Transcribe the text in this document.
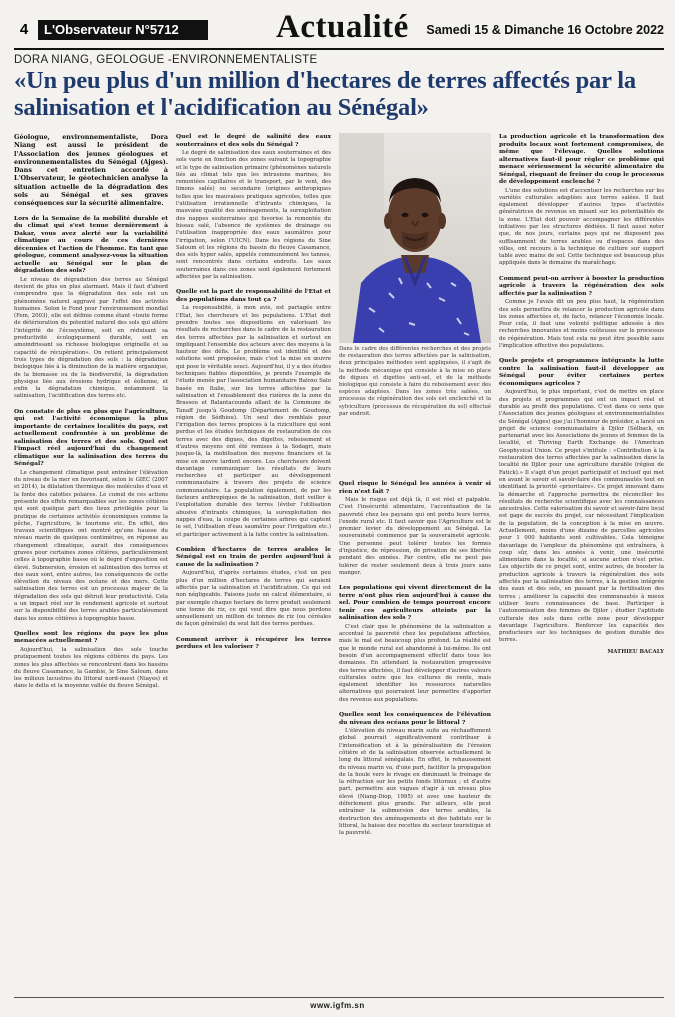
4	L'Observateur N°5712	Actualité Samedi 15 & Dimanche 16 Octobre 2022
DORA NIANG, GEOLOGUE -ENVIRONNEMENTALISTE
«Un peu plus d'un million d'hectares de terres affectés par la salinisation et l'acidification au Sénégal»

Géologue, environnementaliste, Dora Niang est aussi le président de l'Association des jeunes géologues et environnementalistes du Sénégal (Ajges). Dans cet entretien accordé à L'Observateur, le géotechnicien analyse la situation actuelle de la dégradation des sols au Sénégal et ses graves conséquences sur la sécurité alimentaire.

Lors de la Semaine de la mobilité durable et du climat qui s'est tenue dernièrement à Dakar, vous avez alerté sur la variabilité climatique au cours de ces dernières décennies et l'action de l'homme. En tant que géologue, comment analysez-vous la situation actuelle au Sénégal sur le plan de dégradation des sols?

Le niveau de dégradation des terres au Sénégal devient de plus en plus alarmant. Mais il faut d'abord comprendre que la dégradation des sols est un phénomène naturel aggravé par l'effet des activités humaines. Selon le Fond pour l'environnement mondial (Fem, 2003), elle est définie comme étant «toute forme de détérioration du potentiel naturel des sols qui altère l'intégrité de l'écosystème, soit en réduisant sa productivité écologiquement durable, soit en amoindrissant sa richesse biologique originelle et sa capacité de récupération». On retient principalement trois types de dégradation des sols : la dégradation biologique liée à la diminution de la matière organique, de la biomasse ou de la biodiversité, la dégradation physique liée aux érosions hydrique et éolienne, et enfin la dégradation chimique, notamment la salinisation, l'acidification des terres etc.

On constate de plus en plus que l'agriculture, qui est l'activité économique la plus importante de certaines localités du pays, est actuellement confrontée à un problème de salinisation des terres et des sols. Quel est l'impact réel aujourd'hui du changement climatique sur la salinisation des terres du Sénégal?

Le changement climatique peut entraîner l'élévation du niveau de la mer en favorisant, selon le GIEC (2007 et 2014), la dilatation thermique des molécules d'eau et la fonte des calottes polaires. Le cumul de ces actions présente des effets remarquables sur les zones côtières qui sont quelque part des lieux privilégiés pour la pratique de certaines activités économiques comme la pêche, l'agriculture, le tourisme etc. En effet, des travaux scientifiques ont montré qu'une hausse du niveau marin de quelques centimètres, en réponse au changement climatique, aurait des conséquences graves pour certaines zones côtières, particulièrement celles à topographie basse où le degré d'exposition est élevé. Submersion, érosion et salinisation des terres et des eaux sont, entre autres, les conséquences de cette élévation du niveau des océans et des mers. Cette salinisation des terres est un processus majeur de la dégradation des sols qui détruit leur productivité. Cela a un impact réel sur le rendement agricole et surtout sur la disponibilité des terres arables particulièrement dans les zones côtières à topographie basse.

Quelles sont les régions du pays les plus menacées actuellement ?

Aujourd'hui, la salinisation des sols touche pratiquement toutes les régions côtières du pays. Les zones les plus affectées se rencontrent dans les bassins du fleuve Casamance, la Gambie, le Sine Saloum, dans les milieux lacustres du littoral nord-ouest (Niayes) et dans le delta et la moyenne vallée du fleuve Sénégal.

Quel est le degré de salinité des eaux souterraines et des sols du Sénégal ?

Le degré de salinisation des eaux souterraines et des sols varie en fonction des zones suivant la topographie et le type de salinisation primaire (phénomènes naturels liés au climat tels que les intrusions marines, les remontées capillaires et le transport, par le vent, des limons salés) ou secondaire (origines anthropiques telles que les mauvaises pratiques agricoles, telles que l'utilisation irrationnelle d'intrants chimiques, la mauvaise qualité des aménagements, la surexploitation des nappes souterraines qui favorise la remontée du biseau salé, l'absence de systèmes de drainage ou l'utilisation inappropriée des eaux saumâtres pour l'irrigation, selon l'UICN). Dans les régions du Sine Saloum et les régions du bassin du fleuve Casamance, des sols hyper salés, appelés communément les tannes, sont rencontrés dans certains endroits. Les eaux souterraines dans ces zones sont également fortement affectées par la salinisation.

Quelle est la part de responsabilité de l'Etat et des populations dans tout ça ?

La responsabilité, à mon avis, est partagée entre l'Etat, les chercheurs et les populations. L'Etat doit prendre toutes ses dispositions en valorisant les résultats de recherches dans le cadre de la restauration des terres affectées par la salinisation et surtout en impliquant l'ensemble des acteurs avec des moyens à la hauteur des défis. Le problème est identifié et des solutions sont proposées, mais c'est la mise en œuvre qui pose le véritable souci. Aujourd'hui, il y a des études techniques fiables disponibles, je prends l'exemple de l'étude menée par l'association humanitaire Baloxo Salo basée en Italie, sur les terres affectées par la salinisation et l'ensablement des rizières de la zone du Brassou et Balantacounda allant de la Commune de Tanaff jusqu'à Goudomp (Département de Goudomp, région de Sédhiou). Un seul des remblais pour l'irrigation des terres propices à la riziculture qui sont perdus et les études techniques de restauration de ces terres avec des digues, des digettes, reboisement et d'autres moyens ont été remises à la Sodagri, mais jusque-là, la mobilisation des moyens financiers et la mise en œuvre tardent encore. Les chercheurs doivent davantage communiquer les résultats de leurs recherches et participer au développement communautaire à travers des projets de science communautaire. La population également, de par les facteurs anthropiques de la salinisation, doit veiller à l'exploitation durable des terres (éviter l'utilisation abusive d'intrants chimiques, la surexploitation des nappes d'eau, la coupe de certaines arbres qui captent le sel, l'utilisation d'eau saumâtre pour l'irrigation etc.) et participer activement à la lutte contre la salinisation.

Combien d'hectares de terres arables le Sénégal est en train de perdre aujourd'hui à cause de la salinisation ?

Aujourd'hui, d'après certaines études, c'est un peu plus d'un million d'hectares de terres qui seraient affectés par la salinisation et l'acidification. Ce qui est non négligeable. Faisons juste un calcul élémentaire, si par exemple chaque hectare de terre produit seulement une tonne de riz, ce qui veut dire que nous perdons annuellement un million de tonnes de riz (ou céréales de façon générale) du seul fait des terres perdues.

Comment arriver à récupérer les terres perdues et les valoriser ?

Dans le cadre des différentes recherches et des projets de restauration des terres affectées par la salinisation, deux principales méthodes sont appliquées, il s'agit de la méthode mécanique qui consiste à la mise en place de digues et digettes anti-sel, et de la méthode biologique qui consiste à faire du reboisement avec des espèces adaptées. Dans les zones très salées, un processus de régénération des sols est enclenché et la sylviculture (processus de récupération du sol) effectué par endroit.

Quel risque le Sénégal les années à venir si rien n'est fait ?

Mais le risque est déjà là, il est réel et palpable. C'est l'insécurité alimentaire, l'accentuation de la pauvreté chez les paysans qui ont perdu leurs terres, l'exode rural etc. Il faut savoir que l'Agriculture est le premier levier du développement au Sénégal. La souveraineté commence par la souveraineté agricole. Une personne peut tolérer toutes les formes d'injustice, de répression, de privation de ses libertés pendant des années. Par contre, elle ne peut pas tolérer de rester seulement deux à trois jours sans manger.

Les populations qui vivent directement de la terre n'ont plus rien aujourd'hui à cause du sel. Pour combien de temps pourront encore tenir ces agriculteurs atteints par la salinisation des sols ?

C'est clair que le phénomène de la salinisation a accentué la pauvreté chez les populations affectées, mais le mal est beaucoup plus profond. La réalité est que le monde rural est abandonné à lui-même. Ils ont besoin d'un accompagnement effectif dans tous les domaines. En attendant la restauration progressive des terres affectées, il faut développer d'autres valeurs culturales outre que les cultures de rente, mais également identifier les ressources naturelles alternatives qui pourraient leur permettre d'apporter des revenus aux populations.

Quelles sont les conséquences de l'élévation du niveau des océans pour le littoral ?

L'élévation du niveau marin suite au réchauffement global pourrait significativement contribuer à l'intensification et à la généralisation de l'érosion côtière et de la salinisation observée actuellement le long du littoral sénégalais. En effet, le rehaussement du niveau marin va, d'une part, faciliter la propagation de la houle vers le rivage en diminuant le freinage de la réfraction sur les petits fonds littoraux ; et d'autre part, permettre aux vagues d'agir à un niveau plus élevé (Niang-Diop, 1995) et avec une hauteur de déferlement plus grande. Par ailleurs, elle peut entraîner la submersion des terres arables, la destruction des aménagements et des habitats sur le littoral, la baisse des recettes du secteur touristique et la pauvreté.

La production agricole et la transformation des produits locaux sont fortement compromises, de même que l'élevage. Quelles solutions alternatives faut-il pour régler ce problème qui menace sérieusement la sécurité alimentaire du Sénégal, risquant de freiner du coup le processus de développement enclenché ?

L'une des solutions est d'accentuer les recherches sur les variétés culturales adaptées aux terres salées. Il faut également développer d'autres types d'activités génératrices de revenus en misant sur les potentialités de la zone. L'Etat doit pouvoir accompagner les différentes initiatives par les structures dédiées. Il faut aussi noter que, de nos jours, certains pays qui ne disposent pas suffisamment de terres arables ou d'espaces dans des villes, ont recours à la technique de culture sur support table avec mains de sol. Cette technique est beaucoup plus appliquée dans le domaine du maraîchage.

Comment peut-on arriver à booster la production agricole à travers la régénération des sols affectés par la salinisation ?

Comme je l'avais dit un peu plus haut, la régénération des sols permettra de relancer la production agricole dans les zones affectées et, de facto, relancer l'économie locale. Pour cela, il faut une volonté politique adossée à des recherches innovantes et moins coûteuses sur le processus de régénération. Mais tout cela ne peut être possible sans l'implication effective des populations.

Quels projets et programmes intégrants la lutte contre la salinisation faut-il développer au Sénégal pour éviter certaines pertes économiques agricoles ?

Aujourd'hui, le plus important, c'est de mettre en place des projets et programmes qui ont un impact réel et durable au profit des populations. C'est dans ce sens que l'Association des jeunes géologues et environnementalistes du Sénégal (Ajges) que j'ai l'honneur de présider, a lancé un projet de science communautaire à Djilor (Sélback, en partenariat avec les Associations de jeunes et femmes de la localité, et Thriving Earth Exchange de l'American Geophysical Union. Ce projet s'intitule : «Contribution à la restauration des terres affectées par la salinisation dans la localité de Djilor pour une agriculture durable (région de Fatick).» Il s'agit d'un projet participatif et inclusif qui met en avant le savoir et savoir-faire des communautés tout en identifiant la priorité «prioritaire». Ce projet innovant dans la démarche et l'approche permettra de réconcilier les résultats de recherche scientifique avec les connaissances ancestrales. Cette valorisation du savoir et savoir-faire local est gage de succès du projet, car nécessitant l'implication de la population, de la conception à la mise en œuvre. Actuellement, moins d'une dizaine de parcelles agricoles pour 1 000 habitants sont cultivables. Cela témoigne davantage de l'ampleur du phénomène qui entraînera, à coup sûr, dans les années à venir, une insécurité alimentaire dans la localité, si aucune action n'est prise. Les objectifs de ce projet sont, entre autres, de booster la production agricole à travers la régénération des sols affectés par la salinisation des terres, à la gestion intégrée des eaux et des sols, en passant par la fertilisation des terres ; améliorer la capacité des communautés à mieux utiliser leurs connaissances de base. Participer à l'autonomisation des femmes de Djilor ; étudier l'aptitude culturale des sols dans cette zone pour développer davantage l'agriculture. Renforcer les capacités des producteurs sur les techniques de gestion durable des terres.

MATHIEU BACALY

www.igfm.sn
